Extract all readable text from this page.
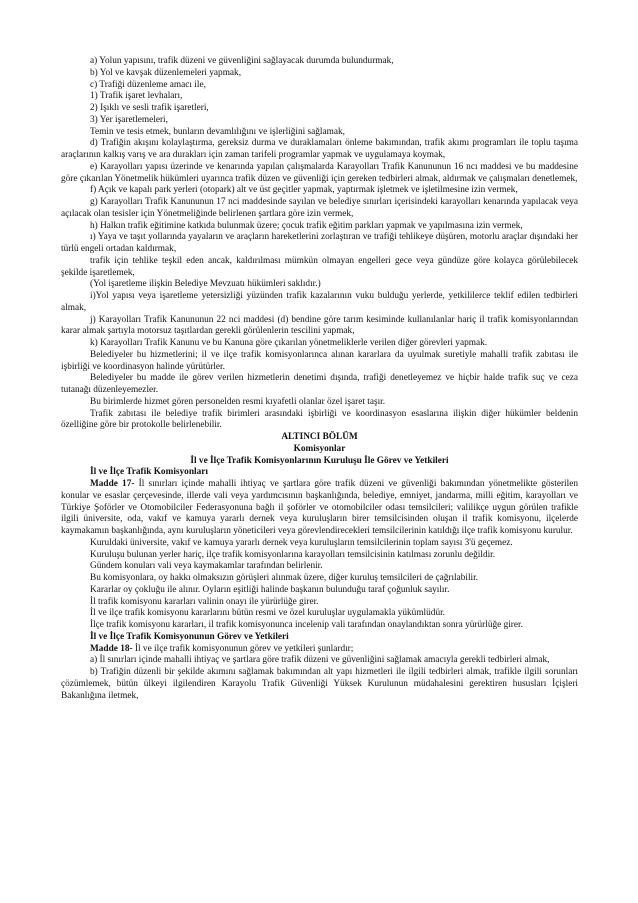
a) Yolun yapısını, trafik düzeni ve güvenliğini sağlayacak durumda bulundurmak,

b) Yol ve kavşak düzenlemeleri yapmak,

c) Trafiği düzenleme amacı ile,

1) Trafik işaret levhaları,

2) Işıklı ve sesli trafik işaretleri,

3) Yer işaretlemeleri,

Temin ve tesis etmek, bunların devamlılığını ve işlerliğini sağlamak,

d) Trafiğin akışını kolaylaştırma, gereksiz durma ve duraklamaları önleme bakımından, trafik akımı programları ile toplu taşıma araçlarının kalkış varış ve ara durakları için zaman tarifeli programlar yapmak ve uygulamaya koymak,

e) Karayolları yapısı üzerinde ve kenarında yapılan çalışmalarda Karayolları Trafik Kanununun 16 ncı maddesi ve bu maddesine göre çıkarılan Yönetmelik hükümleri uyarınca trafik düzen ve güvenliği için gereken tedbirleri almak, aldırmak ve çalışmaları denetlemek,

f) Açık ve kapalı park yerleri (otopark) alt ve üst geçitler yapmak, yaptırmak işletmek ve işletilmesine izin vermek,

g) Karayolları Trafik Kanununun 17 nci maddesinde sayılan ve belediye sınırları içerisindeki karayolları kenarında yapılacak veya açılacak olan tesisler için Yönetmeliğinde belirlenen şartlara göre izin vermek,

h) Halkın trafik eğitimine katkıda bulunmak üzere; çocuk trafik eğitim parkları yapmak ve yapılmasına izin vermek,

ı) Yaya ve taşıt yollarında yayaların ve araçların hareketlerini zorlaştıran ve trafiği tehlikeye düşüren, motorlu araçlar dışındaki her türlü engeli ortadan kaldırmak,

trafik için tehlike teşkil eden ancak, kaldırılması mümkün olmayan engelleri gece veya gündüze göre kolayca görülebilecek şekilde işaretlemek,

(Yol işaretleme ilişkin Belediye Mevzuatı hükümleri saklıdır.)

i)Yol yapısı veya işaretleme yetersizliği yüzünden trafik kazalarının vuku bulduğu yerlerde, yetkililerce teklif edilen tedbirleri almak,

j) Karayolları Trafik Kanununun 22 nci maddesi (d) bendine göre tarım kesiminde kullanılanlar hariç il trafik komisyonlarından karar almak şartıyla motorsuz taşıtlardan gerekli görülenlerin tescilini yapmak,

k) Karayolları Trafik Kanunu ve bu Kanuna göre çıkarılan yönetmeliklerle verilen diğer görevleri yapmak.

Belediyeler bu hizmetlerini; il ve ilçe trafik komisyonlarınca alınan kararlara da uyulmak suretiyle mahalli trafik zabıtası ile işbirliği ve koordinasyon halinde yürütürler.

Belediyeler bu madde ile görev verilen hizmetlerin denetimi dışında, trafiği denetleyemez ve hiçbir halde trafik suç ve ceza tutanağı düzenleyemezler.

Bu birimlerde hizmet gören personelden resmi kıyafetli olanlar özel işaret taşır.

Trafik zabıtası ile belediye trafik birimleri arasındaki işbirliği ve koordinasyon esaslarına ilişkin diğer hükümler beldenin özelliğine göre bir protokolle belirlenebilir.

ALTINCI BÖLÜM

Komisyonlar

İl ve İlçe Trafik Komisyonlarının Kuruluşu İle Görev ve Yetkileri

İl ve İlçe Trafik Komisyonları

Madde 17- İl sınırları içinde mahalli ihtiyaç ve şartlara göre trafik düzeni ve güvenliği bakımından yönetmelikte gösterilen konular ve esaslar çerçevesinde, illerde vali veya yardımcısının başkanlığında, belediye, emniyet, jandarma, milli eğitim, karayolları ve Türkiye Şoförler ve Otomobilciler Federasyonuna bağlı il şoförler ve otomobilciler odası temsilcileri; valilikçe uygun görülen trafikle ilgili üniversite, oda, vakıf ve kamuya yararlı dernek veya kuruluşların birer temsilcisinden oluşan il trafik komisyonu, ilçelerde kaymakamın başkanlığında, aynı kuruluşların yöneticileri veya görevlendirecekleri temsilcilerinin katıldığı ilçe trafik komisyonu kurulur.

Kuruldaki üniversite, vakıf ve kamuya yararlı dernek veya kuruluşların temsilcilerinin toplam sayısı 3'ü geçemez.

Kuruluşu bulunan yerler hariç, ilçe trafik komisyonlarına karayolları temsilcisinin katılması zorunlu değildir.

Gündem konuları vali veya kaymakamlar tarafından belirlenir.

Bu komisyonlara, oy hakkı olmaksızın görüşleri alınmak üzere, diğer kuruluş temsilcileri de çağrılabilir.

Kararlar oy çokluğu ile alınır. Oyların eşitliği halinde başkanın bulunduğu taraf çoğunluk sayılır.

İl trafik komisyonu kararları valinin onayı ile yürürlüğe girer.

İl ve ilçe trafik komisyonu kararlarını bütün resmi ve özel kuruluşlar uygulamakla yükümlüdür.

İlçe trafik komisyonu kararları, il trafik komisyonunca incelenip vali tarafından onaylandıktan sonra yürürlüğe girer.

İl ve İlçe Trafik Komisyonunun Görev ve Yetkileri

Madde 18- İl ve ilçe trafik komisyonunun görev ve yetkileri şunlardır;

a) İl sınırları içinde mahalli ihtiyaç ve şartlara göre trafik düzeni ve güvenliğini sağlamak amacıyla gerekli tedbirleri almak,

b) Trafiğin düzenli bir şekilde akımını sağlamak bakımından alt yapı hizmetleri ile ilgili tedbirleri almak, trafikle ilgili sorunları çözümlemek, bütün ülkeyi ilgilendiren Karayolu Trafik Güvenliği Yüksek Kurulunun müdahalesini gerektiren hususları İçişleri Bakanlığına iletmek,
